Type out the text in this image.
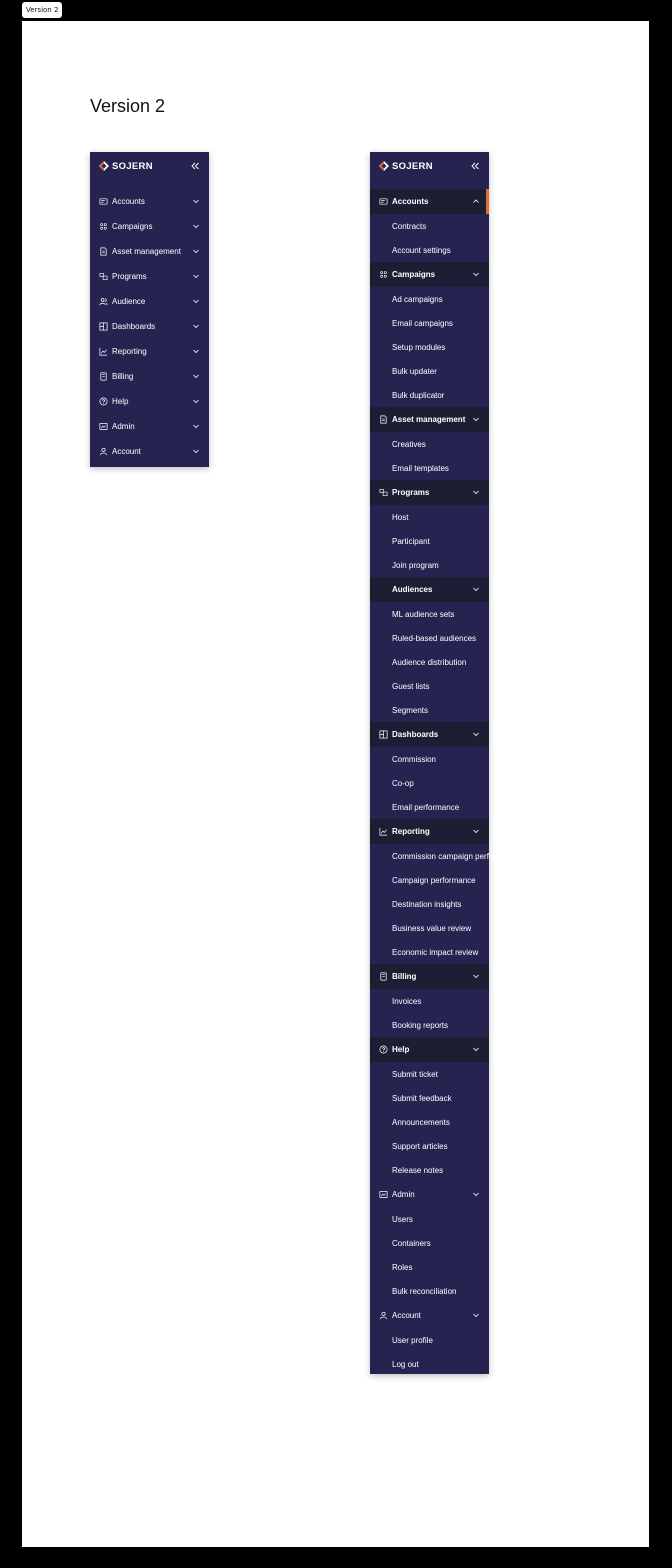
Version 2
Version 2
SOJERN
Accounts
Campaigns
Asset management
Programs
Audience
Dashboards
Reporting
Billing
Help
Admin
Account
SOJERN
Accounts
Contracts
Account settings
Campaigns
Ad campaigns
Email campaigns
Setup modules
Bulk updater
Bulk duplicator
Asset management
Creatives
Email templates
Programs
Host
Participant
Join program
Audiences
ML audience sets
Ruled-based audiences
Audience distribution
Guest lists
Segments
Dashboards
Commission
Co-op
Email performance
Reporting
Commission campaign performance
Campaign performance
Destination insights
Business value review
Economic impact review
Billing
Invoices
Booking reports
Help
Submit ticket
Submit feedback
Announcements
Support articles
Release notes
Admin
Users
Containers
Roles
Bulk reconciliation
Account
User profile
Log out
